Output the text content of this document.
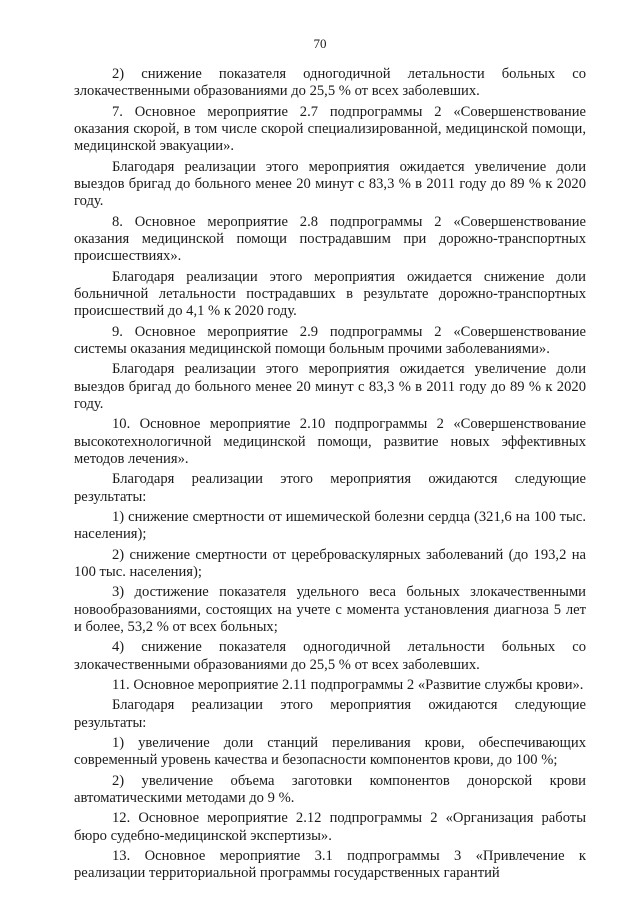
70

2) снижение показателя одногодичной летальности больных со злокачественными образованиями до 25,5 % от всех заболевших.

7. Основное мероприятие 2.7 подпрограммы 2 «Совершенствование оказания скорой, в том числе скорой специализированной, медицинской помощи, медицинской эвакуации».

Благодаря реализации этого мероприятия ожидается увеличение доли выездов бригад до больного менее 20 минут с 83,3 % в 2011 году до 89 % к 2020 году.

8. Основное мероприятие 2.8 подпрограммы 2 «Совершенствование оказания медицинской помощи пострадавшим при дорожно-транспортных происшествиях».

Благодаря реализации этого мероприятия ожидается снижение доли больничной летальности пострадавших в результате дорожно-транспортных происшествий до 4,1 % к 2020 году.

9. Основное мероприятие 2.9 подпрограммы 2 «Совершенствование системы оказания медицинской помощи больным прочими заболеваниями».

Благодаря реализации этого мероприятия ожидается увеличение доли выездов бригад до больного менее 20 минут с 83,3 % в 2011 году до 89 % к 2020 году.

10. Основное мероприятие 2.10 подпрограммы 2 «Совершенствование высокотехнологичной медицинской помощи, развитие новых эффективных методов лечения».

Благодаря реализации этого мероприятия ожидаются следующие результаты:

1) снижение смертности от ишемической болезни сердца (321,6 на 100 тыс. населения);

2) снижение смертности от цереброваскулярных заболеваний (до 193,2 на 100 тыс. населения);

3) достижение показателя удельного веса больных злокачественными новообразованиями, состоящих на учете с момента установления диагноза 5 лет и более, 53,2 % от всех больных;

4) снижение показателя одногодичной летальности больных со злокачественными образованиями до 25,5 % от всех заболевших.

11. Основное мероприятие 2.11 подпрограммы 2 «Развитие службы крови».

Благодаря реализации этого мероприятия ожидаются следующие результаты:

1) увеличение доли станций переливания крови, обеспечивающих современный уровень качества и безопасности компонентов крови, до 100 %;

2) увеличение объема заготовки компонентов донорской крови автоматическими методами до 9 %.

12. Основное мероприятие 2.12 подпрограммы 2 «Организация работы бюро судебно-медицинской экспертизы».

13. Основное мероприятие 3.1 подпрограммы 3 «Привлечение к реализации территориальной программы государственных гарантий
